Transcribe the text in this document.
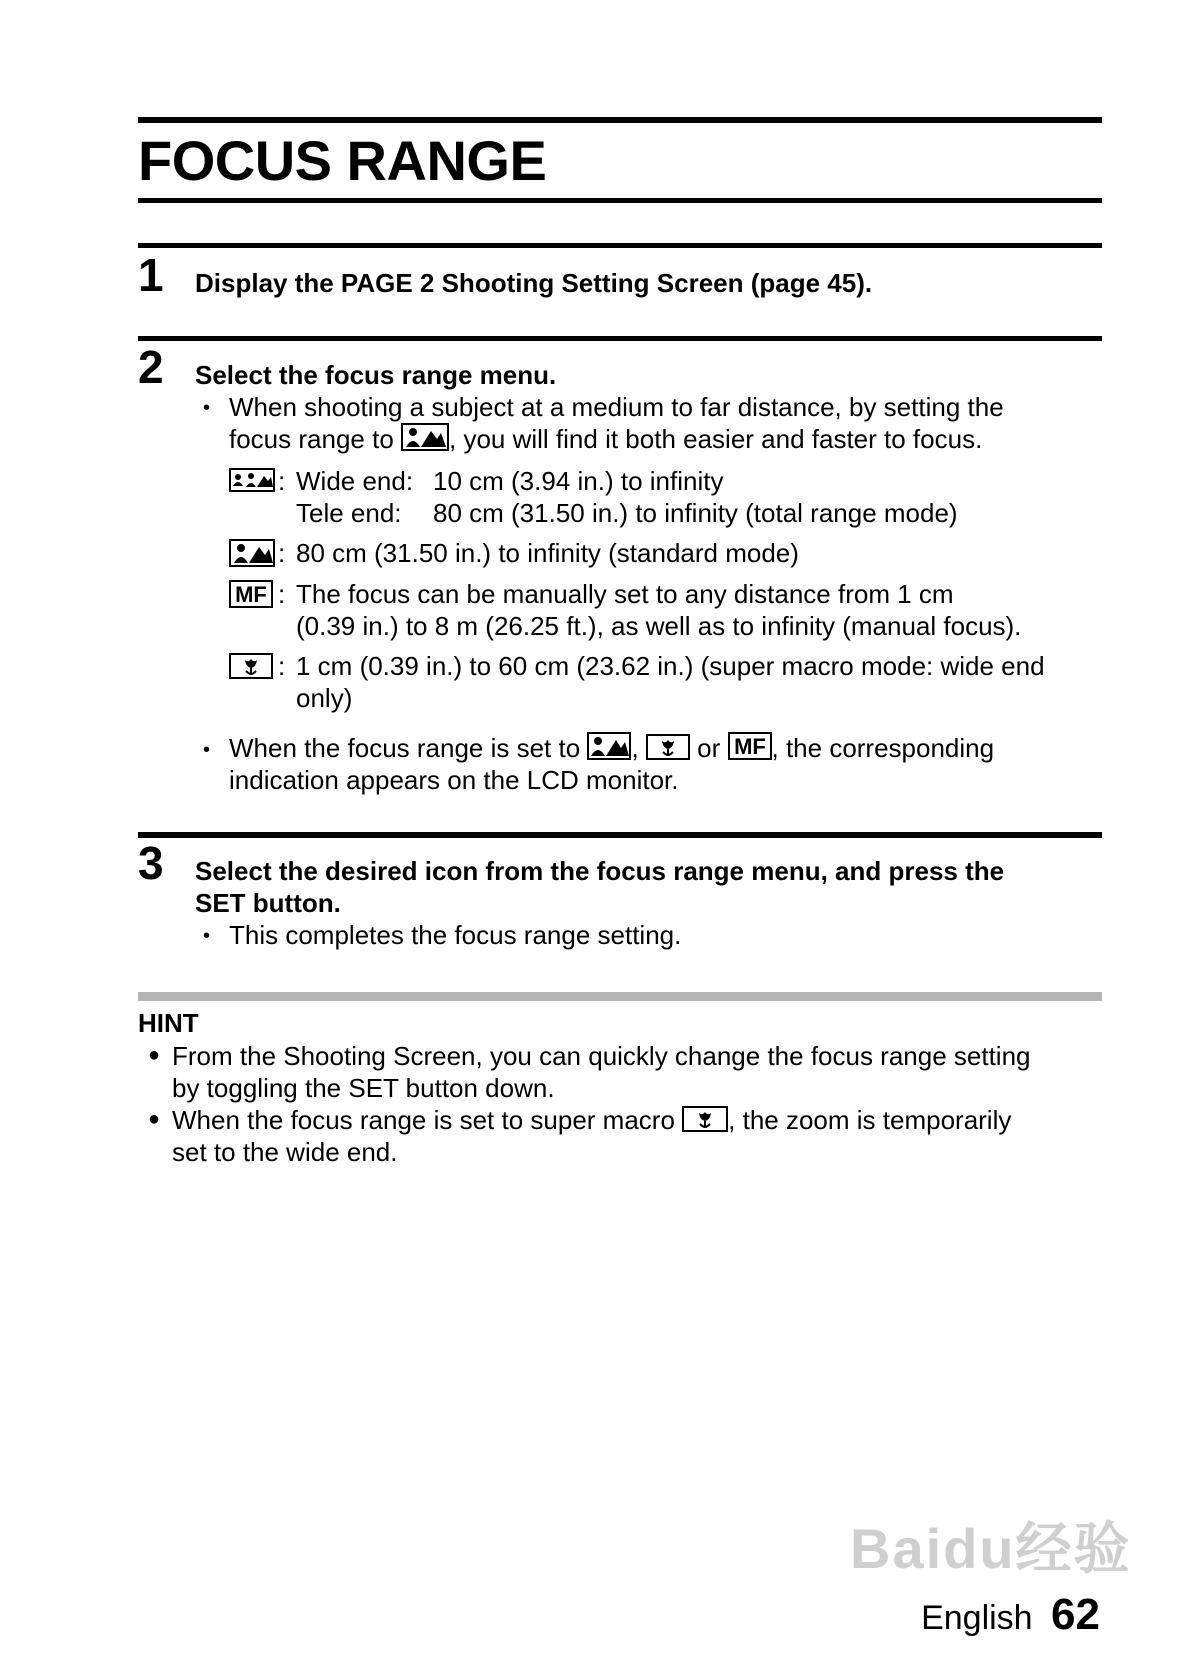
FOCUS RANGE
1 Display the PAGE 2 Shooting Setting Screen (page 45).
2 Select the focus range menu.
• When shooting a subject at a medium to far distance, by setting the
focus range to , you will find it both easier and faster to focus.
: Wide end: 10 cm (3.94 in.) to infinity
Tele end: 80 cm (31.50 in.) to infinity (total range mode)
: 80 cm (31.50 in.) to infinity (standard mode)
MF : The focus can be manually set to any distance from 1 cm
(0.39 in.) to 8 m (26.25 ft.), as well as to infinity (manual focus).
: 1 cm (0.39 in.) to 60 cm (23.62 in.) (super macro mode: wide end
only)
• When the focus range is set to , or MF , the corresponding
indication appears on the LCD monitor.
3 Select the desired icon from the focus range menu, and press the
SET button.
• This completes the focus range setting.
HINT
● From the Shooting Screen, you can quickly change the focus range setting
by toggling the SET button down.
● When the focus range is set to super macro , the zoom is temporarily
set to the wide end.
Baidu经验
English 62
